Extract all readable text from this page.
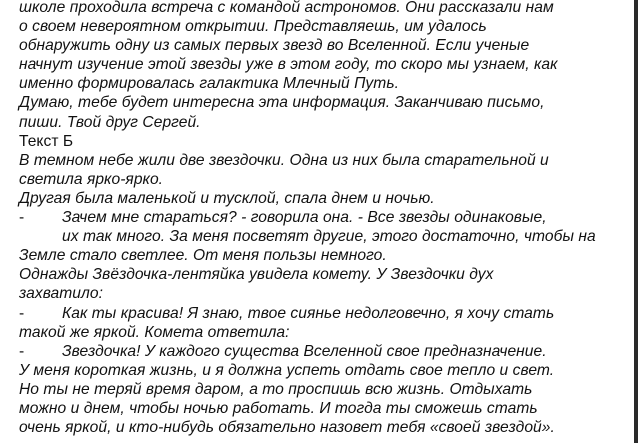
школе проходила встреча с командой астрономов. Они рассказали нам
о своем невероятном открытии. Представляешь, им удалось
обнаружить одну из самых первых звезд во Вселенной. Если ученые
начнут изучение этой звезды уже в этом году, то скоро мы узнаем, как
именно формировалась галактика Млечный Путь.
Думаю, тебе будет интересна эта информация. Заканчиваю письмо,
пиши. Твой друг Сергей.
Текст Б
В темном небе жили две звездочки. Одна из них была старательной и
светила ярко-ярко.
Другая была маленькой и тусклой, спала днем и ночью.
-	Зачем мне стараться? - говорила она. - Все звезды одинаковые,
их так много. За меня посветят другие, этого достаточно, чтобы на
Земле стало светлее. От меня пользы немного.
Однажды Звёздочка-лентяйка увидела комету. У Звездочки дух
захватило:
-	Как ты красива! Я знаю, твое сияньe недолговечно, я хочу стать
такой же яркой. Комета ответила:
-	Звездочка! У каждого существа Вселенной свое предназначение.
У меня короткая жизнь, и я должна успеть отдать свое тепло и свет.
Но ты не теряй время даром, а то проспишь всю жизнь. Отдыхать
можно и днем, чтобы ночью работать. И тогда ты сможешь стать
очень яркой, и кто-нибудь обязательно назовет тебя «своей звездой».
